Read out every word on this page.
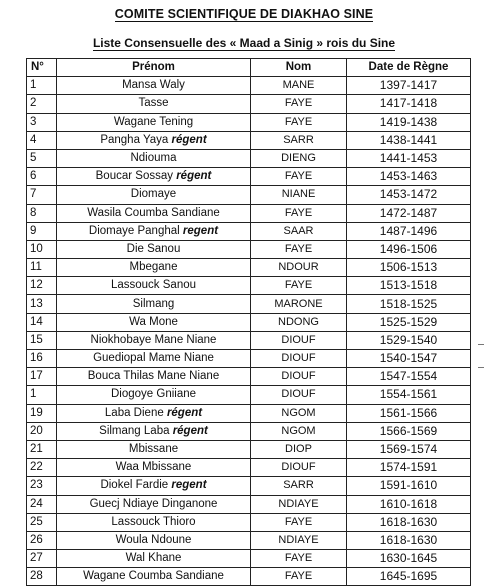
COMITE SCIENTIFIQUE DE DIAKHAO SINE
Liste Consensuelle des « Maad a Sinig » rois du Sine
N°	Prénom	Nom	Date de Règne
1	Mansa Waly	MANE	1397-1417
2	Tasse	FAYE	1417-1418
3	Wagane Tening	FAYE	1419-1438
4	Pangha Yaya régent	SARR	1438-1441
5	Ndiouma	DIENG	1441-1453
6	Boucar Sossay régent	FAYE	1453-1463
7	Diomaye	NIANE	1453-1472
8	Wasila Coumba Sandiane	FAYE	1472-1487
9	Diomaye Panghal regent	SAAR	1487-1496
10	Die Sanou	FAYE	1496-1506
11	Mbegane	NDOUR	1506-1513
12	Lassouck Sanou	FAYE	1513-1518
13	Silmang	MARONE	1518-1525
14	Wa Mone	NDONG	1525-1529
15	Niokhobaye Mane Niane	DIOUF	1529-1540
16	Guediopal Mame Niane	DIOUF	1540-1547
17	Bouca Thilas Mane Niane	DIOUF	1547-1554
1	Diogoye Gniiane	DIOUF	1554-1561
19	Laba Diene régent	NGOM	1561-1566
20	Silmang Laba régent	NGOM	1566-1569
21	Mbissane	DIOP	1569-1574
22	Waa Mbissane	DIOUF	1574-1591
23	Diokel Fardie regent	SARR	1591-1610
24	Guecj Ndiaye Dinganone	NDIAYE	1610-1618
25	Lassouck Thioro	FAYE	1618-1630
26	Woula Ndoune	NDIAYE	1618-1630
27	Wal Khane	FAYE	1630-1645
28	Wagane Coumba Sandiane	FAYE	1645-1695
